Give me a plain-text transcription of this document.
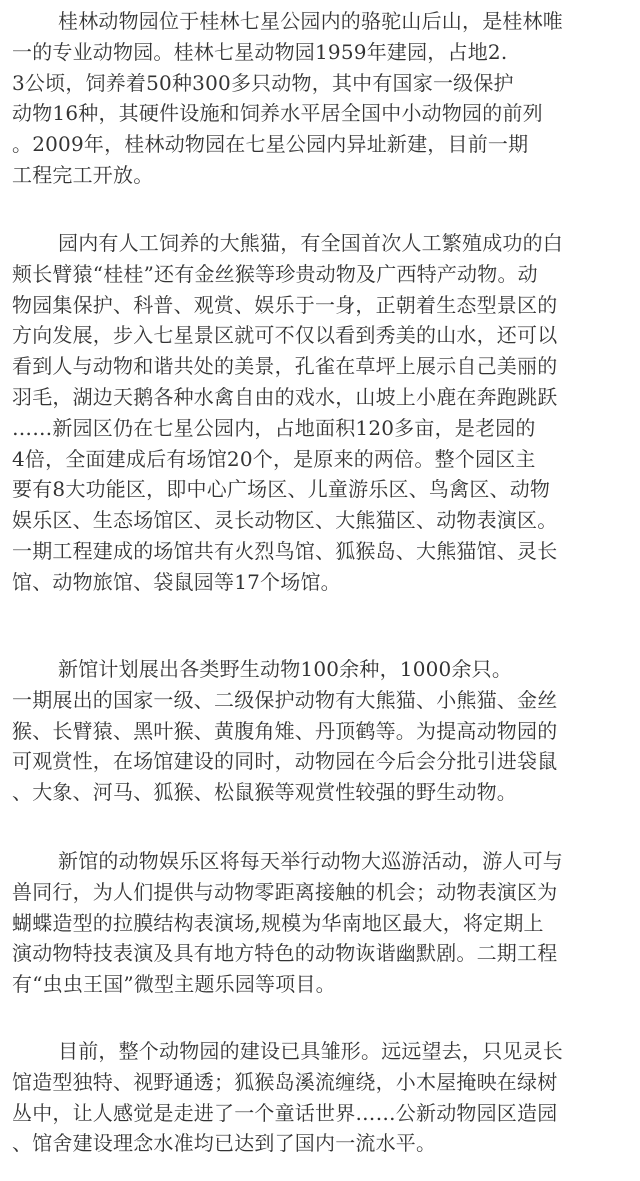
桂林动物园位于桂林七星公园内的骆驼山后山，是桂林唯
一的专业动物园。桂林七星动物园1959年建园，占地2.
3公顷，饲养着50种300多只动物，其中有国家一级保护
动物16种，其硬件设施和饲养水平居全国中小动物园的前列
。2009年，桂林动物园在七星公园内异址新建，目前一期
工程完工开放。
园内有人工饲养的大熊猫，有全国首次人工繁殖成功的白
颊长臂猿“桂桂”还有金丝猴等珍贵动物及广西特产动物。动
物园集保护、科普、观赏、娱乐于一身，正朝着生态型景区的
方向发展，步入七星景区就可不仅以看到秀美的山水，还可以
看到人与动物和谐共处的美景，孔雀在草坪上展示自己美丽的
羽毛，湖边天鹅各种水禽自由的戏水，山坡上小鹿在奔跑跳跃
……新园区仍在七星公园内，占地面积120多亩，是老园的
4倍，全面建成后有场馆20个，是原来的两倍。整个园区主
要有8大功能区，即中心广场区、儿童游乐区、鸟禽区、动物
娱乐区、生态场馆区、灵长动物区、大熊猫区、动物表演区。
一期工程建成的场馆共有火烈鸟馆、狐猴岛、大熊猫馆、灵长
馆、动物旅馆、袋鼠园等17个场馆。
新馆计划展出各类野生动物100余种，1000余只。
一期展出的国家一级、二级保护动物有大熊猫、小熊猫、金丝
猴、长臂猿、黑叶猴、黄腹角雉、丹顶鹤等。为提高动物园的
可观赏性，在场馆建设的同时，动物园在今后会分批引进袋鼠
、大象、河马、狐猴、松鼠猴等观赏性较强的野生动物。
新馆的动物娱乐区将每天举行动物大巡游活动，游人可与
兽同行，为人们提供与动物零距离接触的机会；动物表演区为
蝴蝶造型的拉膜结构表演场,规模为华南地区最大，将定期上
演动物特技表演及具有地方特色的动物诙谐幽默剧。二期工程
有“虫虫王国”微型主题乐园等项目。
目前，整个动物园的建设已具雏形。远远望去，只见灵长
馆造型独特、视野通透；狐猴岛溪流缠绕，小木屋掩映在绿树
丛中，让人感觉是走进了一个童话世界……公新动物园区造园
、馆舍建设理念水准均已达到了国内一流水平。
